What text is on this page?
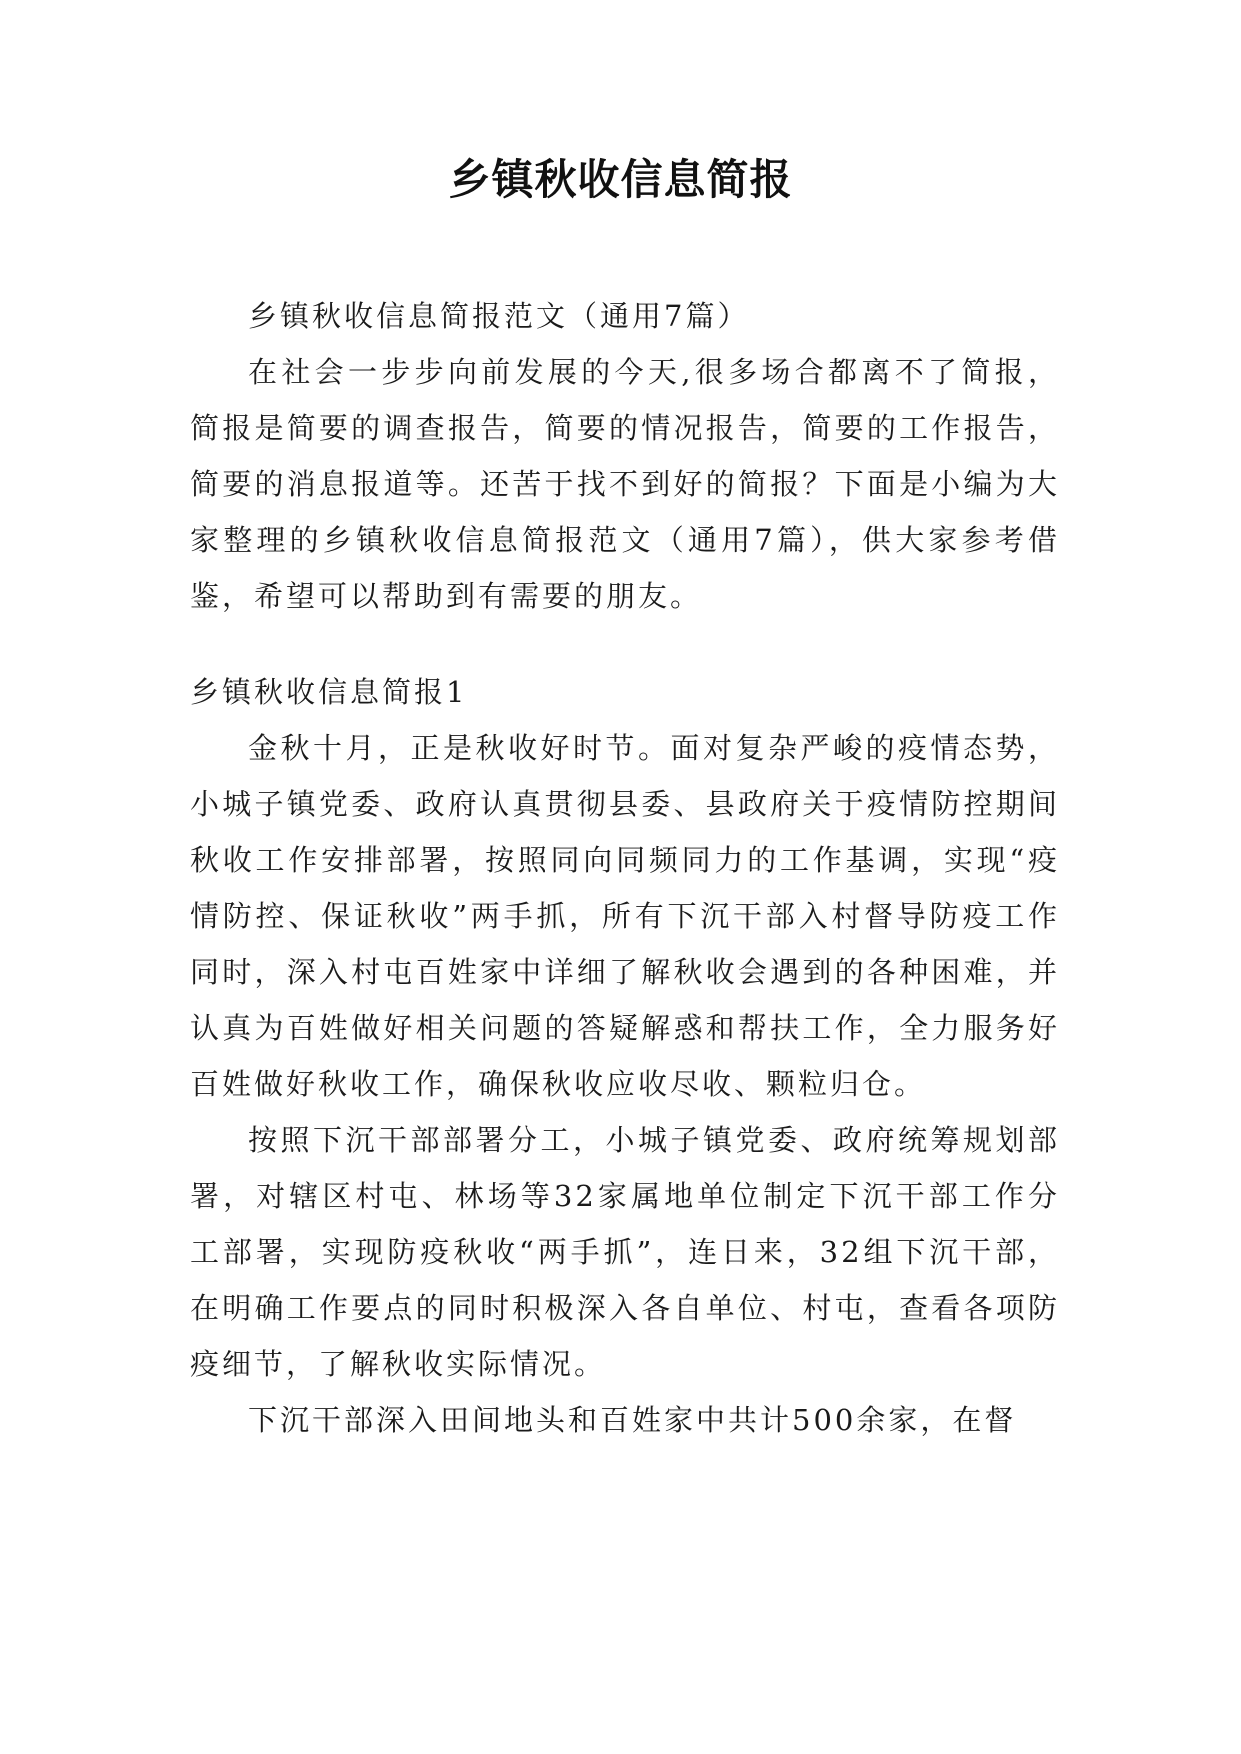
乡镇秋收信息简报

乡镇秋收信息简报范文（通用7篇）

在社会一步步向前发展的今天,很多场合都离不了简报，简报是简要的调查报告，简要的情况报告，简要的工作报告，简要的消息报道等。还苦于找不到好的简报？下面是小编为大家整理的乡镇秋收信息简报范文（通用7篇），供大家参考借鉴，希望可以帮助到有需要的朋友。

乡镇秋收信息简报1

金秋十月，正是秋收好时节。面对复杂严峻的疫情态势，小城子镇党委、政府认真贯彻县委、县政府关于疫情防控期间秋收工作安排部署，按照同向同频同力的工作基调，实现“疫情防控、保证秋收”两手抓，所有下沉干部入村督导防疫工作同时，深入村屯百姓家中详细了解秋收会遇到的各种困难，并认真为百姓做好相关问题的答疑解惑和帮扶工作，全力服务好百姓做好秋收工作，确保秋收应收尽收、颗粒归仓。

按照下沉干部部署分工，小城子镇党委、政府统筹规划部署，对辖区村屯、林场等32家属地单位制定下沉干部工作分工部署，实现防疫秋收“两手抓”，连日来，32组下沉干部，在明确工作要点的同时积极深入各自单位、村屯，查看各项防疫细节，了解秋收实际情况。

下沉干部深入田间地头和百姓家中共计500余家，在督
